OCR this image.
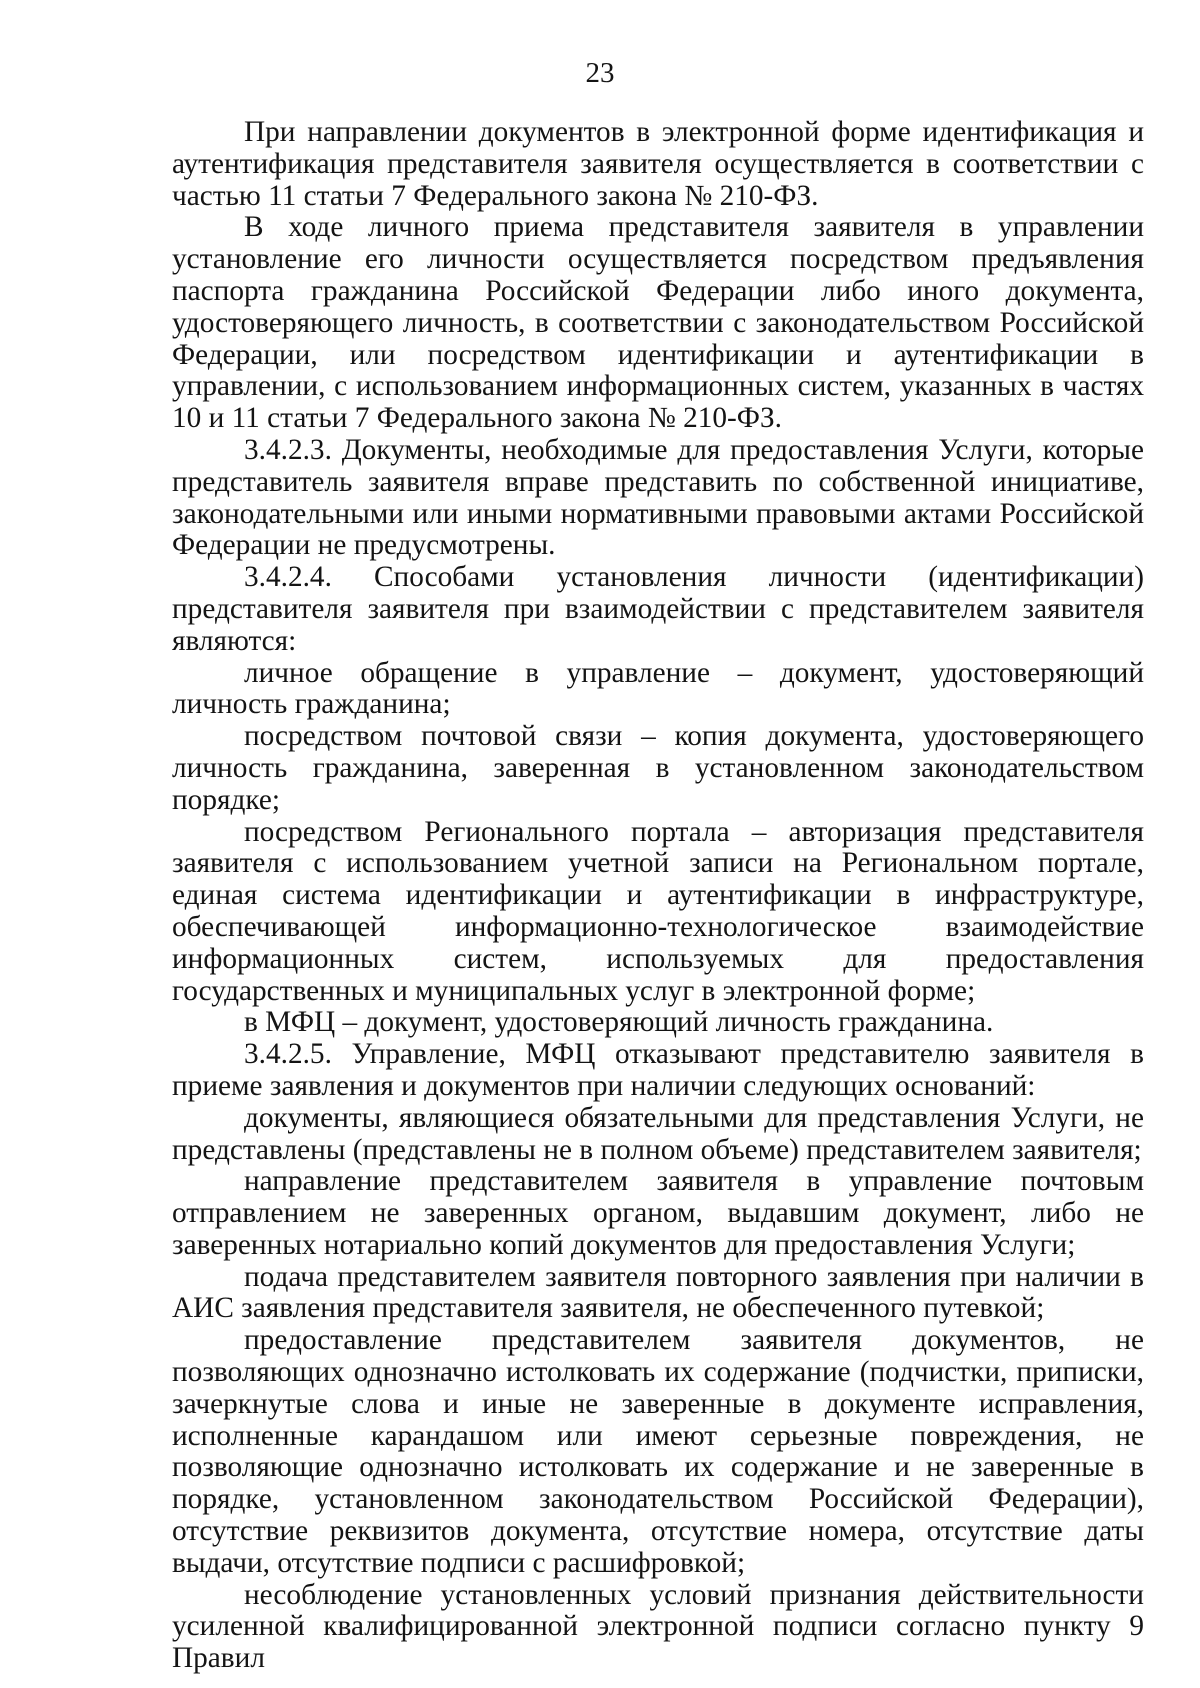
23

При направлении документов в электронной форме идентификация и аутентификация представителя заявителя осуществляется в соответствии с частью 11 статьи 7 Федерального закона № 210-ФЗ.

В ходе личного приема представителя заявителя в управлении установление его личности осуществляется посредством предъявления паспорта гражданина Российской Федерации либо иного документа, удостоверяющего личность, в соответствии с законодательством Российской Федерации, или посредством идентификации и аутентификации в управлении, с использованием информационных систем, указанных в частях 10 и 11 статьи 7 Федерального закона № 210-ФЗ.

3.4.2.3. Документы, необходимые для предоставления Услуги, которые представитель заявителя вправе представить по собственной инициативе, законодательными или иными нормативными правовыми актами Российской Федерации не предусмотрены.

3.4.2.4. Способами установления личности (идентификации) представителя заявителя при взаимодействии с представителем заявителя являются:

личное обращение в управление – документ, удостоверяющий личность гражданина;

посредством почтовой связи – копия документа, удостоверяющего личность гражданина, заверенная в установленном законодательством порядке;

посредством Регионального портала – авторизация представителя заявителя с использованием учетной записи на Региональном портале, единая система идентификации и аутентификации в инфраструктуре, обеспечивающей информационно-технологическое взаимодействие информационных систем, используемых для предоставления государственных и муниципальных услуг в электронной форме;

в МФЦ – документ, удостоверяющий личность гражданина.

3.4.2.5. Управление, МФЦ отказывают представителю заявителя в приеме заявления и документов при наличии следующих оснований:

документы, являющиеся обязательными для представления Услуги, не представлены (представлены не в полном объеме) представителем заявителя;

направление представителем заявителя в управление почтовым отправлением не заверенных органом, выдавшим документ, либо не заверенных нотариально копий документов для предоставления Услуги;

подача представителем заявителя повторного заявления при наличии в АИС заявления представителя заявителя, не обеспеченного путевкой;

предоставление представителем заявителя документов, не позволяющих однозначно истолковать их содержание (подчистки, приписки, зачеркнутые слова и иные не заверенные в документе исправления, исполненные карандашом или имеют серьезные повреждения, не позволяющие однозначно истолковать их содержание и не заверенные в порядке, установленном законодательством Российской Федерации), отсутствие реквизитов документа, отсутствие номера, отсутствие даты выдачи, отсутствие подписи с расшифровкой;

несоблюдение установленных условий признания действительности усиленной квалифицированной электронной подписи согласно пункту 9 Правил
